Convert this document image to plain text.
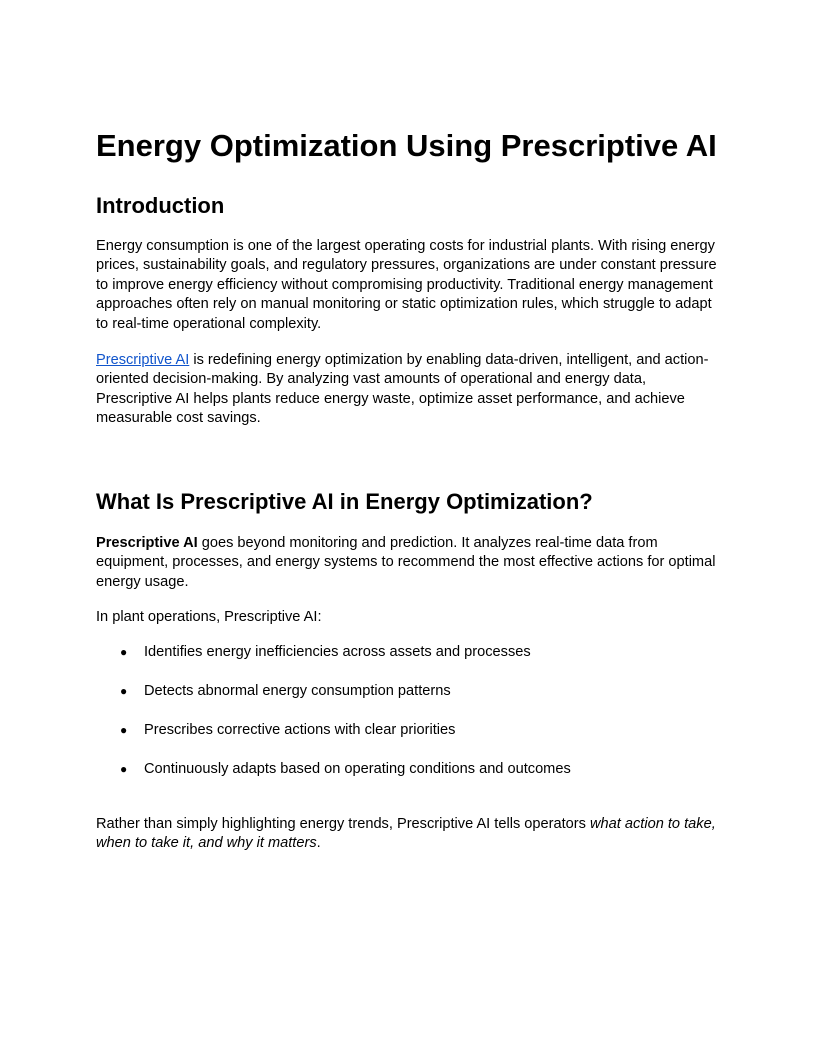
Energy Optimization Using Prescriptive AI
Introduction

Energy consumption is one of the largest operating costs for industrial plants. With rising energy prices, sustainability goals, and regulatory pressures, organizations are under constant pressure to improve energy efficiency without compromising productivity. Traditional energy management approaches often rely on manual monitoring or static optimization rules, which struggle to adapt to real-time operational complexity.

Prescriptive AI is redefining energy optimization by enabling data-driven, intelligent, and action-oriented decision-making. By analyzing vast amounts of operational and energy data, Prescriptive AI helps plants reduce energy waste, optimize asset performance, and achieve measurable cost savings.

What Is Prescriptive AI in Energy Optimization?

Prescriptive AI goes beyond monitoring and prediction. It analyzes real-time data from equipment, processes, and energy systems to recommend the most effective actions for optimal energy usage.

In plant operations, Prescriptive AI:

● Identifies energy inefficiencies across assets and processes
● Detects abnormal energy consumption patterns
● Prescribes corrective actions with clear priorities
● Continuously adapts based on operating conditions and outcomes

Rather than simply highlighting energy trends, Prescriptive AI tells operators what action to take, when to take it, and why it matters.
